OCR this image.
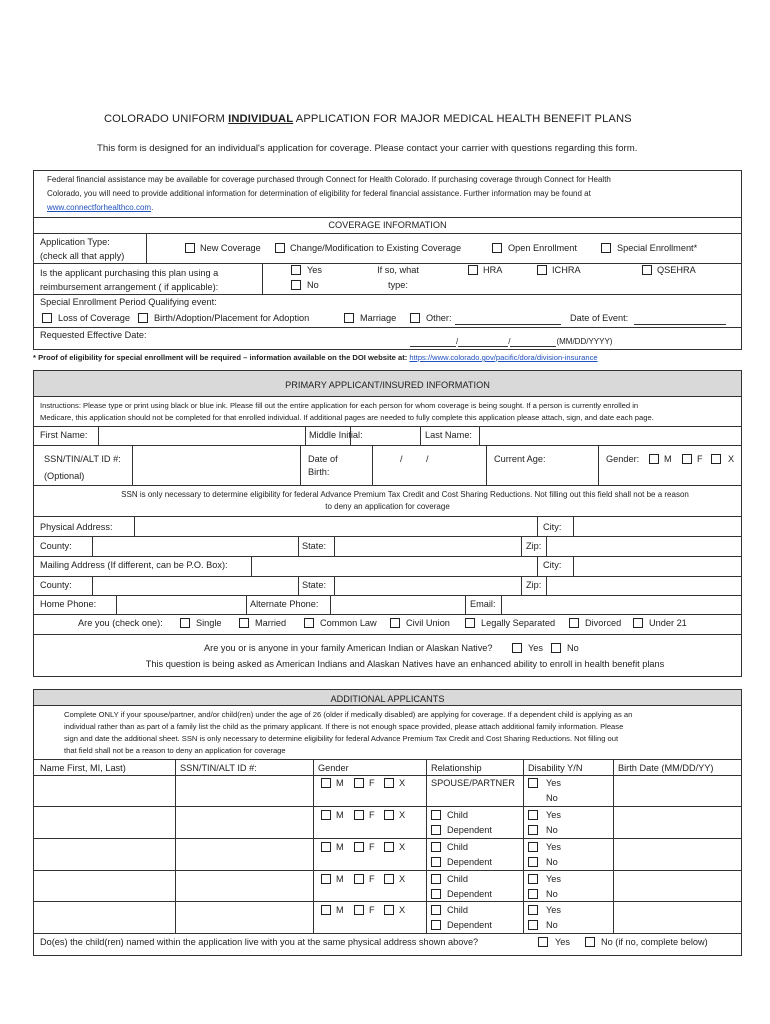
COLORADO UNIFORM INDIVIDUAL APPLICATION FOR MAJOR MEDICAL HEALTH BENEFIT PLANS
This form is designed for an individual's application for coverage. Please contact your carrier with questions regarding this form.
Federal financial assistance may be available for coverage purchased through Connect for Health Colorado. If purchasing coverage through Connect for Health
Colorado, you will need to provide additional information for determination of eligibility for federal financial assistance. Further information may be found at
www.connectforhealthco.com.
COVERAGE INFORMATION
Application Type:
(check all that apply)
New Coverage	Change/Modification to Existing Coverage	Open Enrollment	Special Enrollment*
Is the applicant purchasing this plan using a
reimbursement arrangement ( if applicable):
Yes
No
If so, what
type:
HRA	ICHRA	QSEHRA
Special Enrollment Period Qualifying event:
Loss of Coverage	Birth/Adoption/Placement for Adoption	Marriage	Other:	Date of Event:
Requested Effective Date:
/	/	(MM/DD/YYYY)
* Proof of eligibility for special enrollment will be required – information available on the DOI website at: https://www.colorado.gov/pacific/dora/division-insurance
PRIMARY APPLICANT/INSURED INFORMATION
Instructions: Please type or print using black or blue ink. Please fill out the entire application for each person for whom coverage is being sought. If a person is currently enrolled in
Medicare, this application should not be completed for that enrolled individual. If additional pages are needed to fully complete this application please attach, sign, and date each page.
First Name:	Middle Initial:	Last Name:
SSN/TIN/ALT ID #:
(Optional)
Date of
Birth:
/	/	Current Age:	Gender:	M	F	X
SSN is only necessary to determine eligibility for federal Advance Premium Tax Credit and Cost Sharing Reductions. Not filling out this field shall not be a reason
to deny an application for coverage
Physical Address:	City:
County:	State:	Zip:
Mailing Address (If different, can be P.O. Box):	City:
County:	State:	Zip:
Home Phone:	Alternate Phone:	Email:
Are you (check one):	Single	Married	Common Law	Civil Union	Legally Separated	Divorced	Under 21
Are you or is anyone in your family American Indian or Alaskan Native?	Yes	No
This question is being asked as American Indians and Alaskan Natives have an enhanced ability to enroll in health benefit plans
ADDITIONAL APPLICANTS
Complete ONLY if your spouse/partner, and/or child(ren) under the age of 26 (older if medically disabled) are applying for coverage. If a dependent child is applying as an
individual rather than as part of a family list the child as the primary applicant. If there is not enough space provided, please attach additional family information. Please
sign and date the additional sheet. SSN is only necessary to determine eligibility for federal Advance Premium Tax Credit and Cost Sharing Reductions. Not filling out
that field shall not be a reason to deny an application for coverage
Name First, MI, Last)	SSN/TIN/ALT ID #:	Gender	Relationship	Disability Y/N	Birth Date (MM/DD/YY)
M	F	X	SPOUSE/PARTNER	Yes
No
M	F	X	Child
Dependent
Yes
No
M	F	X	Child
Dependent
Yes
No
M	F	X	Child
Dependent
Yes
No
M	F	X	Child
Dependent
Yes
No
Do(es) the child(ren) named within the application live with you at the same physical address shown above?	Yes	No (if no, complete below)
